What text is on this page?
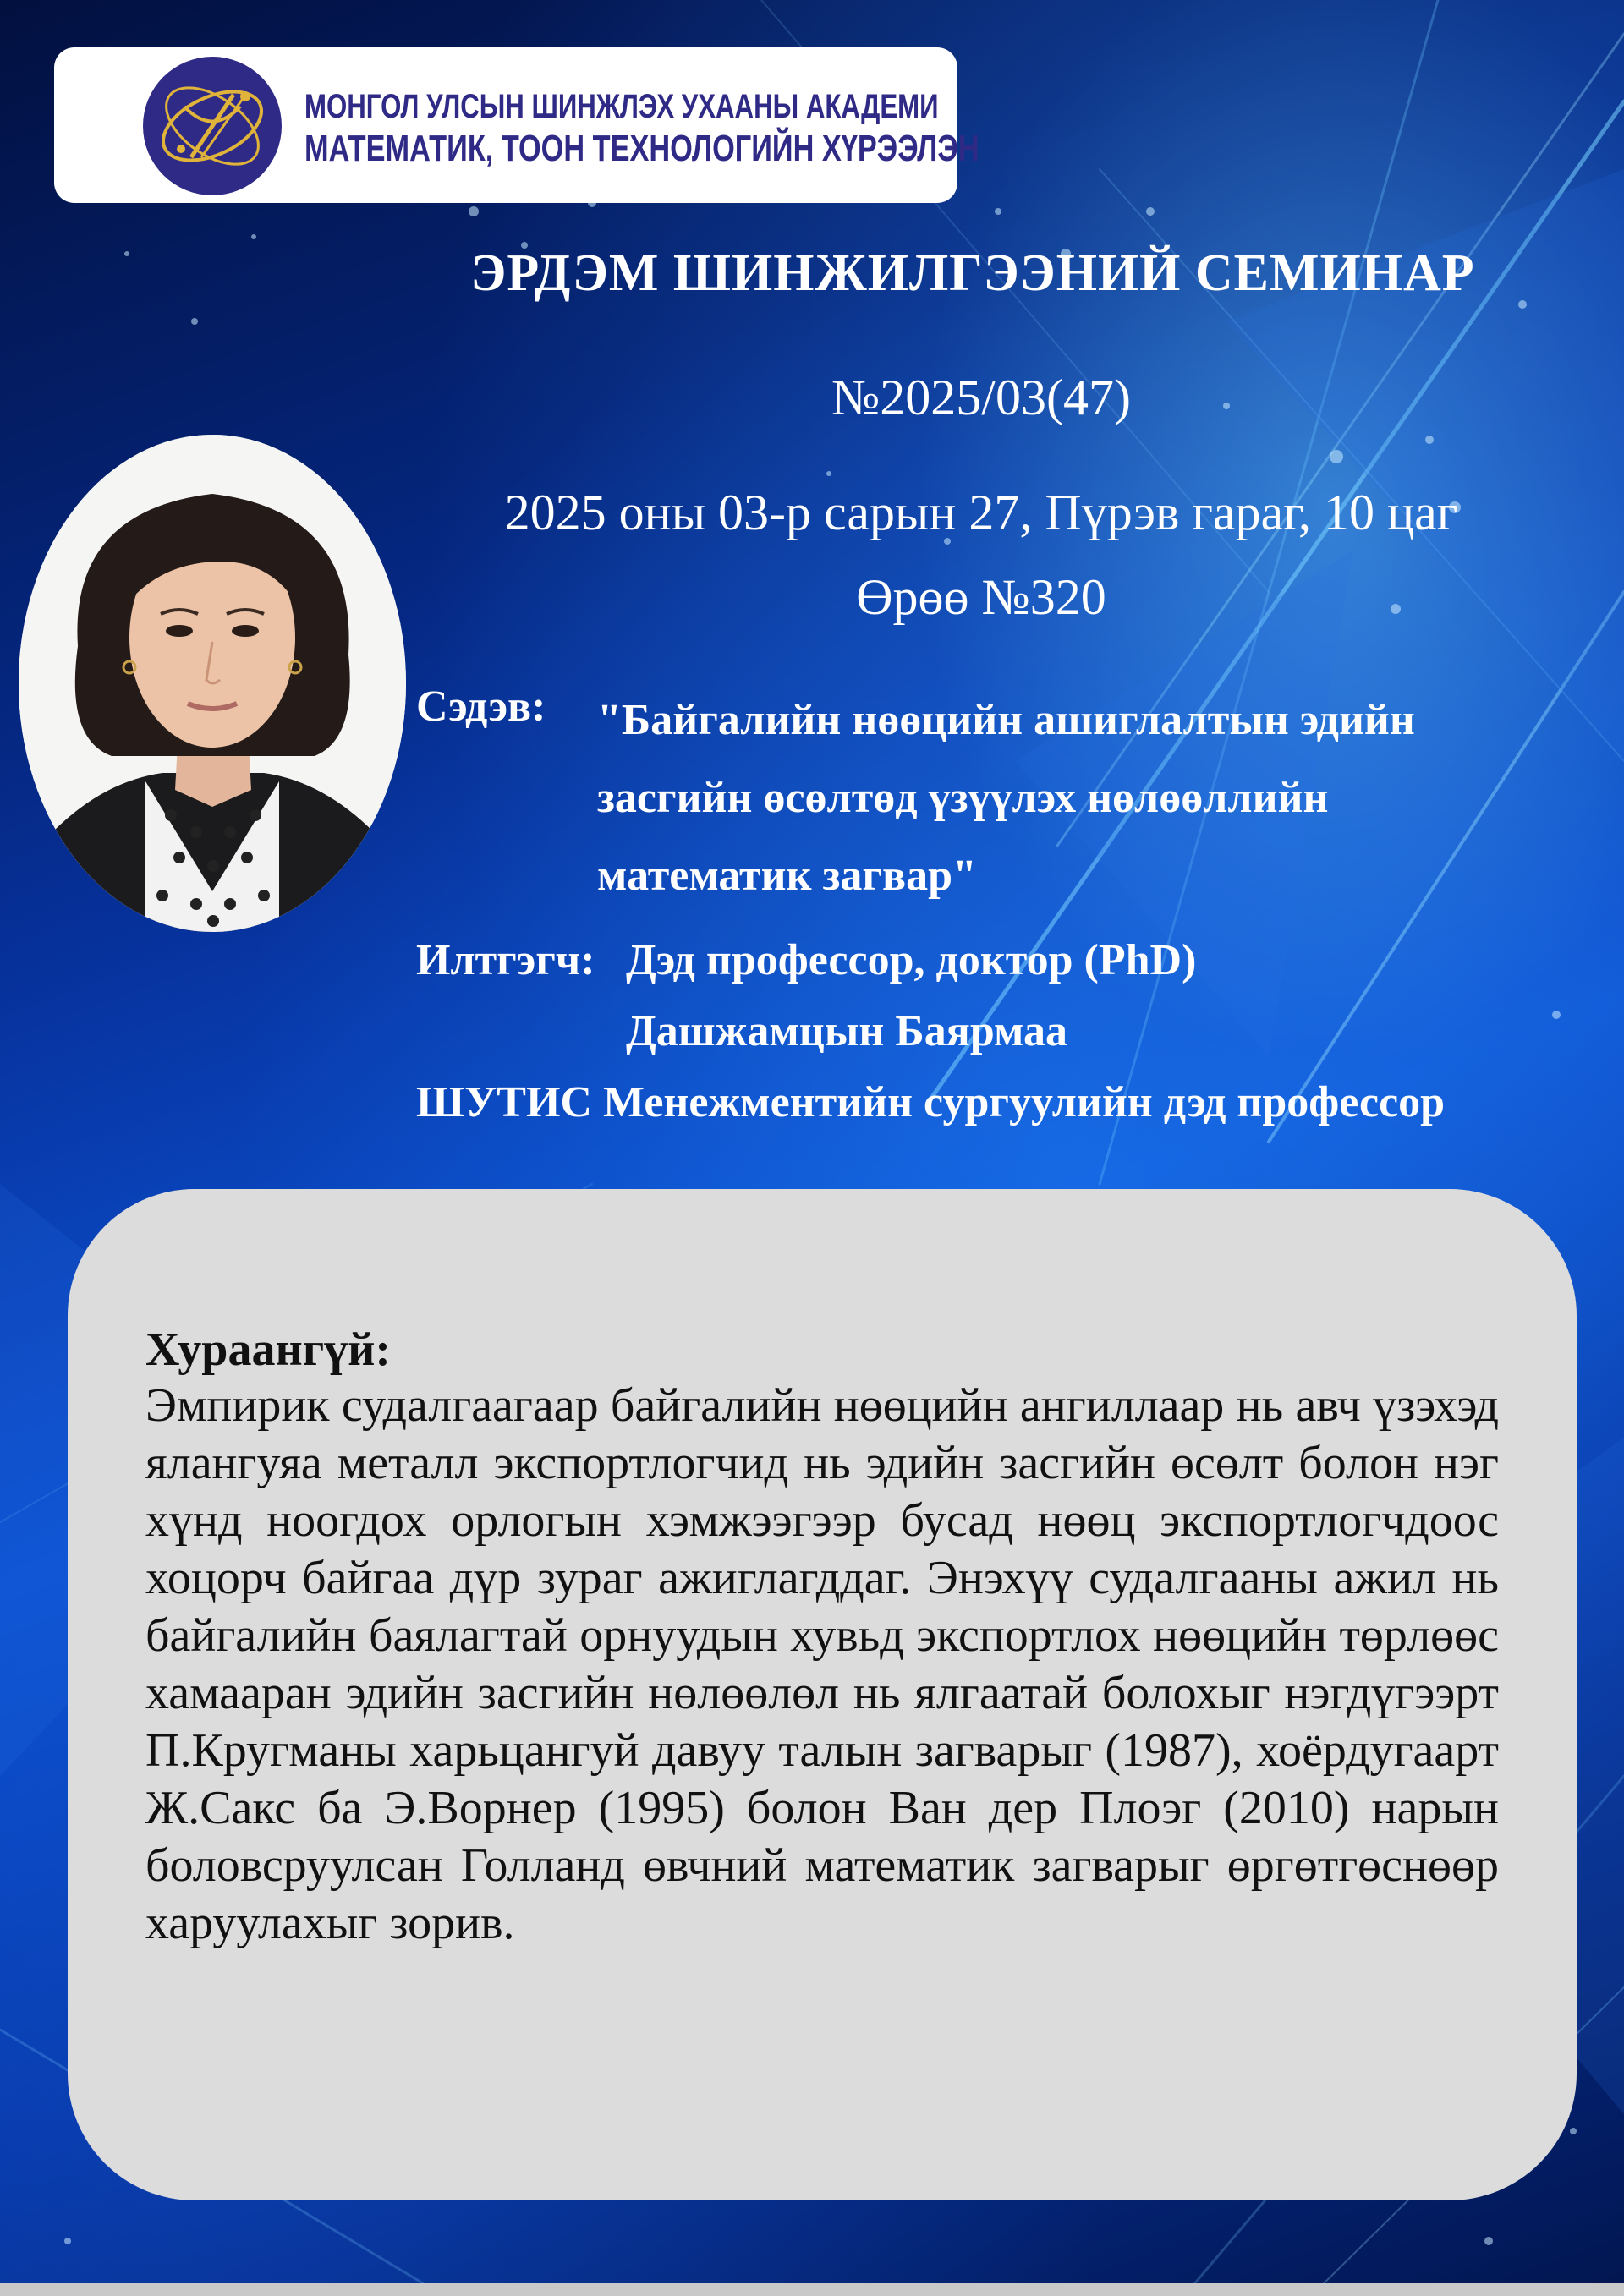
МОНГОЛ УЛСЫН ШИНЖЛЭХ УХААНЫ АКАДЕМИ
МАТЕМАТИК, ТООН ТЕХНОЛОГИЙН ХҮРЭЭЛЭН
ЭРДЭМ ШИНЖИЛГЭЭНИЙ СЕМИНАР
№2025/03(47)
2025 оны 03-р сарын 27, Пүрэв гараг, 10 цаг
Өрөө №320
Сэдэв: "Байгалийн нөөцийн ашиглалтын эдийн
засгийн өсөлтөд үзүүлэх нөлөөллийн
математик загвар"
Илтгэгч: Дэд профессор, доктор (PhD)
Дашжамцын Баярмаа
ШУТИС Менежментийн сургуулийн дэд профессор
Хураангүй:
Эмпирик судалгаагаар байгалийн нөөцийн ангиллаар нь авч үзэхэд ялангуяа металл экспортлогчид нь эдийн засгийн өсөлт болон нэг хүнд ноогдох орлогын хэмжээгээр бусад нөөц экспортлогчдоос хоцорч байгаа дүр зураг ажиглагддаг. Энэхүү судалгааны ажил нь байгалийн баялагтай орнуудын хувьд экспортлох нөөцийн төрлөөс хамааран эдийн засгийн нөлөөлөл нь ялгаатай болохыг нэгдүгээрт П.Кругманы харьцангуй давуу талын загварыг (1987), хоёрдугаарт Ж.Сакс ба Э.Ворнер (1995) болон Ван дер Плоэг (2010) нарын боловсруулсан Голланд өвчний математик загварыг өргөтгөснөөр харуулахыг зорив.
